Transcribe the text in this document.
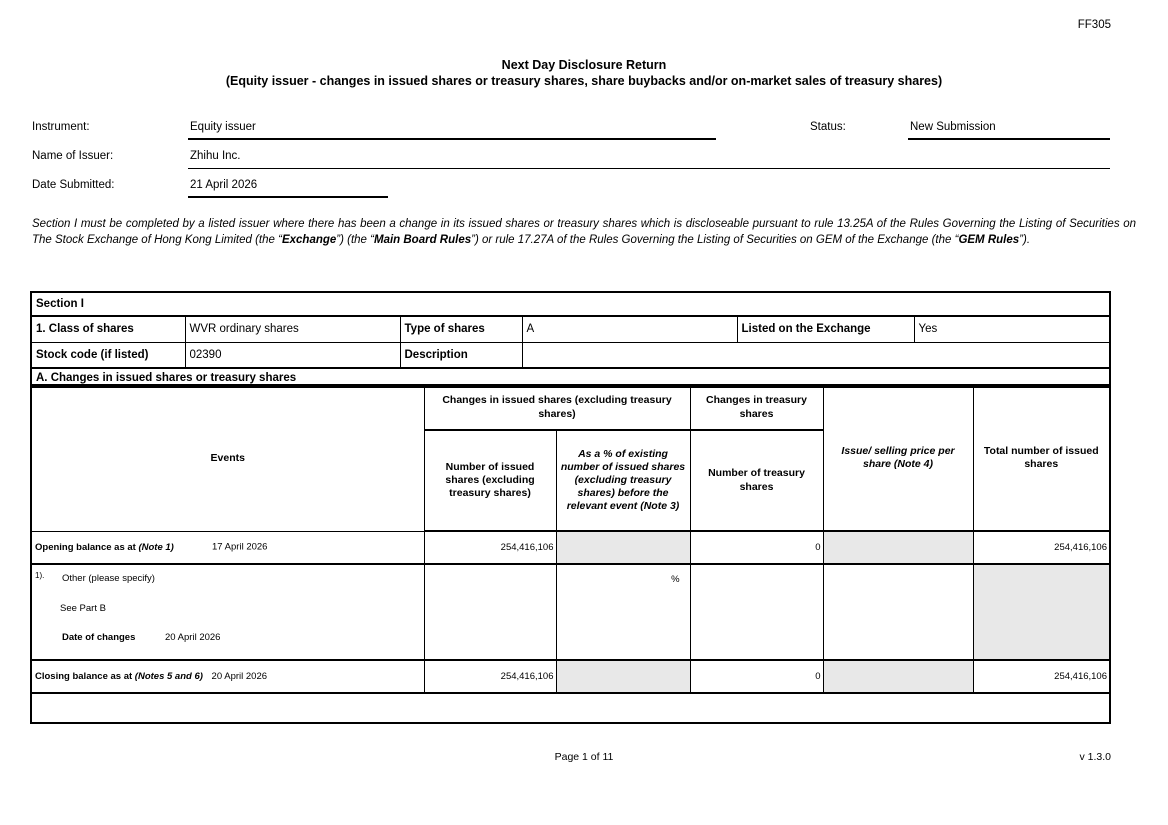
FF305
Next Day Disclosure Return
(Equity issuer - changes in issued shares or treasury shares, share buybacks and/or on-market sales of treasury shares)
Instrument:	Equity issuer	Status:	New Submission
Name of Issuer:	Zhihu Inc.
Date Submitted:	21 April 2026

Section I must be completed by a listed issuer where there has been a change in its issued shares or treasury shares which is discloseable pursuant to rule 13.25A of the Rules Governing the Listing of Securities on The Stock Exchange of Hong Kong Limited (the “Exchange”) (the “Main Board Rules”) or rule 17.27A of the Rules Governing the Listing of Securities on GEM of the Exchange (the “GEM Rules”).

Section I					
1. Class of shares	WVR ordinary shares	Type of shares	A	Listed on the Exchange	Yes
Stock code (if listed)	02390	Description			
A. Changes in issued shares or treasury shares					
Events	Changes in issued shares (excluding treasury shares)		Changes in treasury shares	Issue/ selling price per share (Note 4)	Total number of issued shares
	Number of issued shares (excluding treasury shares)	As a % of existing number of issued shares (excluding treasury shares) before the relevant event (Note 3)	Number of treasury shares		
Opening balance as at (Note 1) 17 April 2026	254,416,106		0		254,416,106

1). Other (please specify)
See Part B
Date of changes 20 April 2026		%			
Closing balance as at (Notes 5 and 6) 20 April 2026	254,416,106		0		254,416,106

Page 1 of 11	v 1.3.0
